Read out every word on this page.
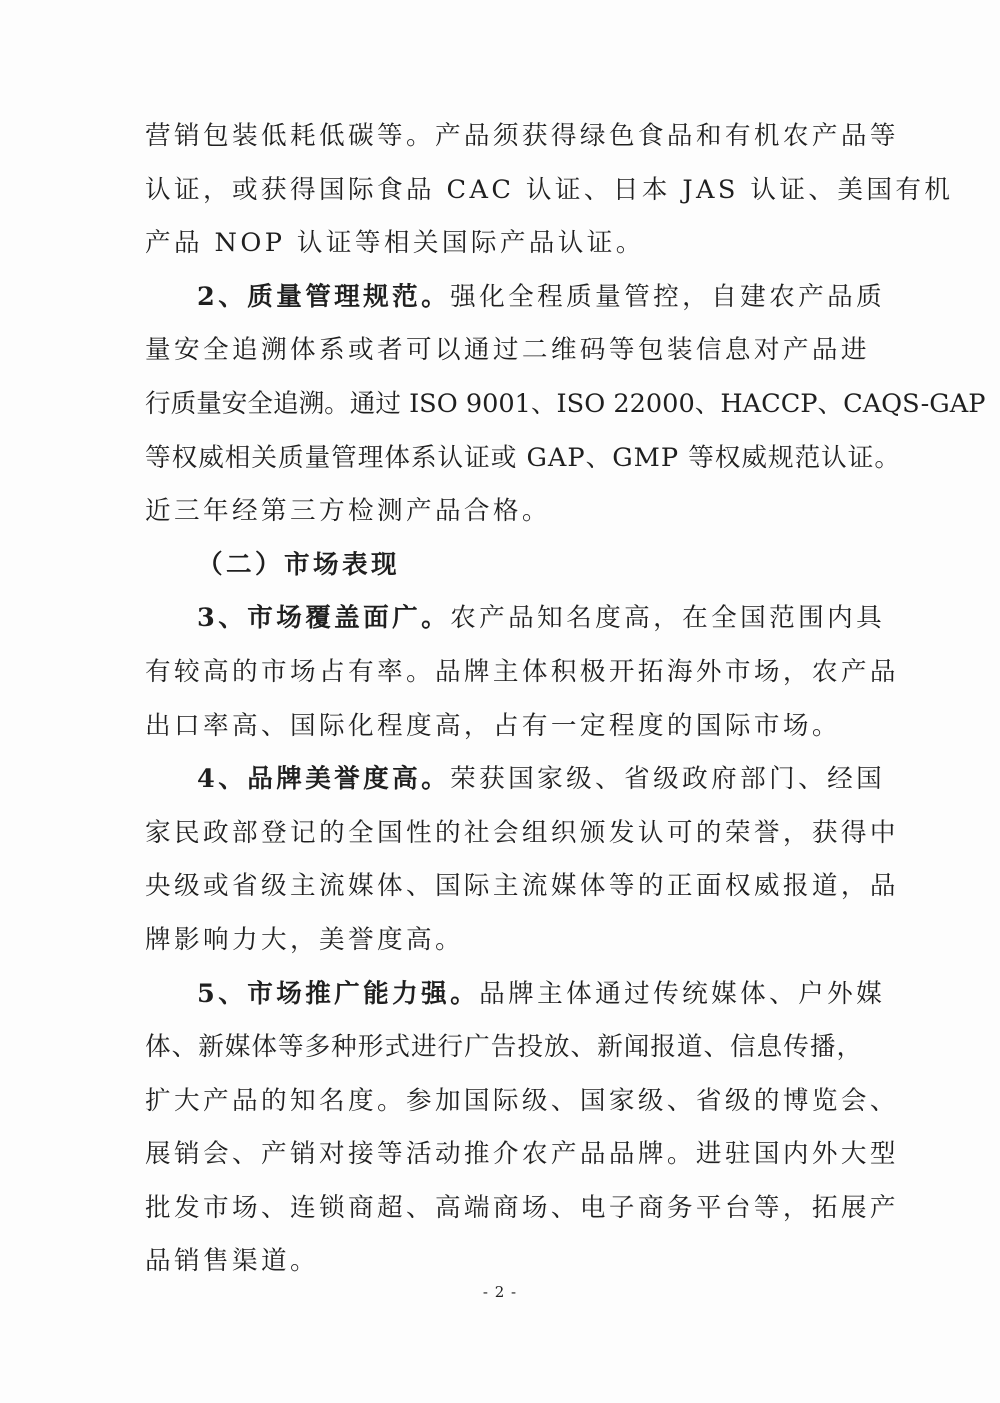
营销包装低耗低碳等。产品须获得绿色食品和有机农产品等
认证，或获得国际食品 CAC 认证、日本 JAS 认证、美国有机
产品 NOP 认证等相关国际产品认证。
2、质量管理规范。强化全程质量管控，自建农产品质
量安全追溯体系或者可以通过二维码等包装信息对产品进
行质量安全追溯。通过 ISO 9001、ISO 22000、HACCP、CAQS-GAP
等权威相关质量管理体系认证或 GAP、GMP 等权威规范认证。
近三年经第三方检测产品合格。
（二）市场表现
3、市场覆盖面广。农产品知名度高，在全国范围内具
有较高的市场占有率。品牌主体积极开拓海外市场，农产品
出口率高、国际化程度高，占有一定程度的国际市场。
4、品牌美誉度高。荣获国家级、省级政府部门、经国
家民政部登记的全国性的社会组织颁发认可的荣誉，获得中
央级或省级主流媒体、国际主流媒体等的正面权威报道，品
牌影响力大，美誉度高。
5、市场推广能力强。品牌主体通过传统媒体、户外媒
体、新媒体等多种形式进行广告投放、新闻报道、信息传播，
扩大产品的知名度。参加国际级、国家级、省级的博览会、
展销会、产销对接等活动推介农产品品牌。进驻国内外大型
批发市场、连锁商超、高端商场、电子商务平台等，拓展产
品销售渠道。
- 2 -
